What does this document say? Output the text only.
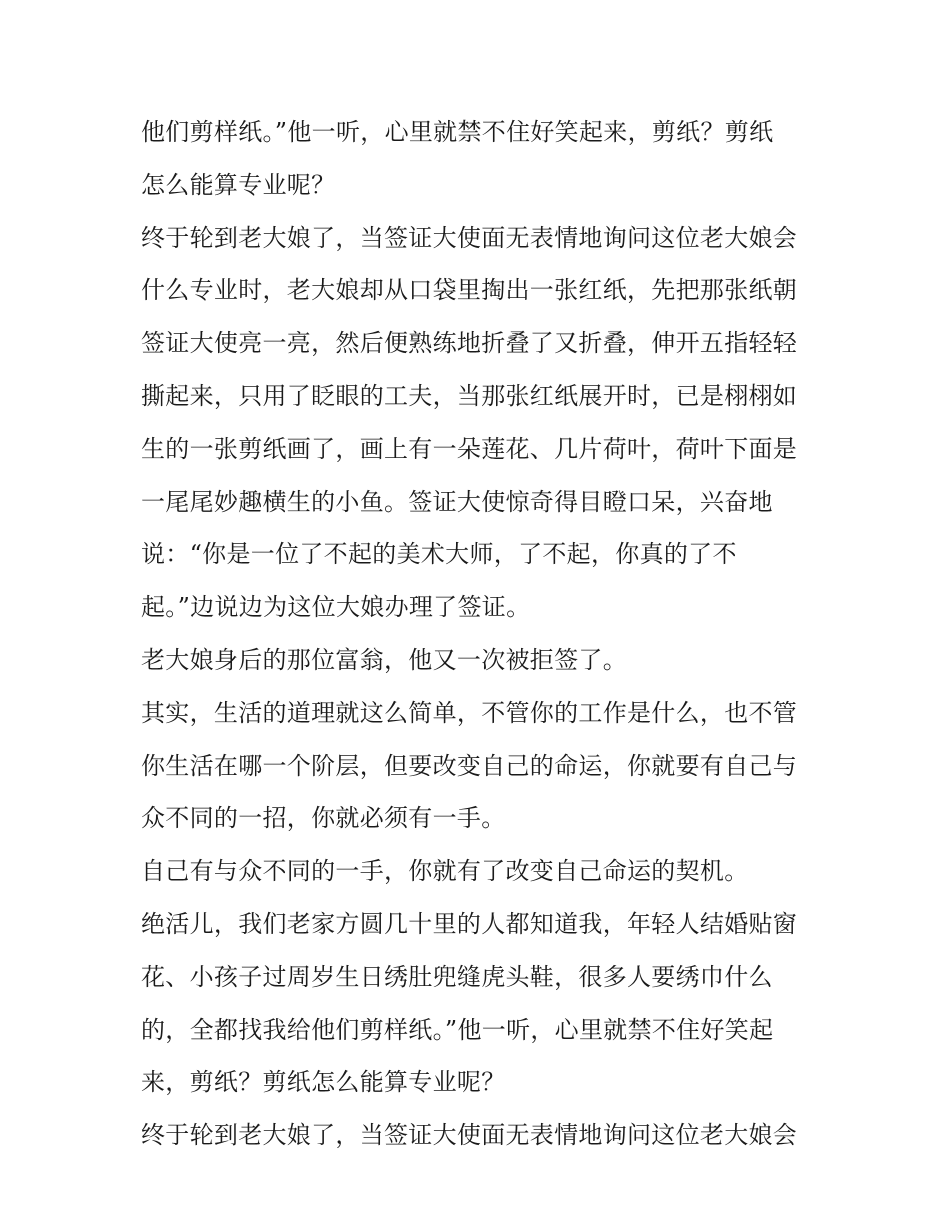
他们剪样纸。”他一听，心里就禁不住好笑起来，剪纸？剪纸
怎么能算专业呢？
终于轮到老大娘了，当签证大使面无表情地询问这位老大娘会
什么专业时，老大娘却从口袋里掏出一张红纸，先把那张纸朝
签证大使亮一亮，然后便熟练地折叠了又折叠，伸开五指轻轻
撕起来，只用了眨眼的工夫，当那张红纸展开时，已是栩栩如
生的一张剪纸画了，画上有一朵莲花、几片荷叶，荷叶下面是
一尾尾妙趣横生的小鱼。签证大使惊奇得目瞪口呆，兴奋地
说：“你是一位了不起的美术大师，了不起，你真的了不
起。”边说边为这位大娘办理了签证。
老大娘身后的那位富翁，他又一次被拒签了。
其实，生活的道理就这么简单，不管你的工作是什么，也不管
你生活在哪一个阶层，但要改变自己的命运，你就要有自己与
众不同的一招，你就必须有一手。
自己有与众不同的一手，你就有了改变自己命运的契机。
绝活儿，我们老家方圆几十里的人都知道我，年轻人结婚贴窗
花、小孩子过周岁生日绣肚兜缝虎头鞋，很多人要绣巾什么
的，全都找我给他们剪样纸。”他一听，心里就禁不住好笑起
来，剪纸？剪纸怎么能算专业呢？
终于轮到老大娘了，当签证大使面无表情地询问这位老大娘会
